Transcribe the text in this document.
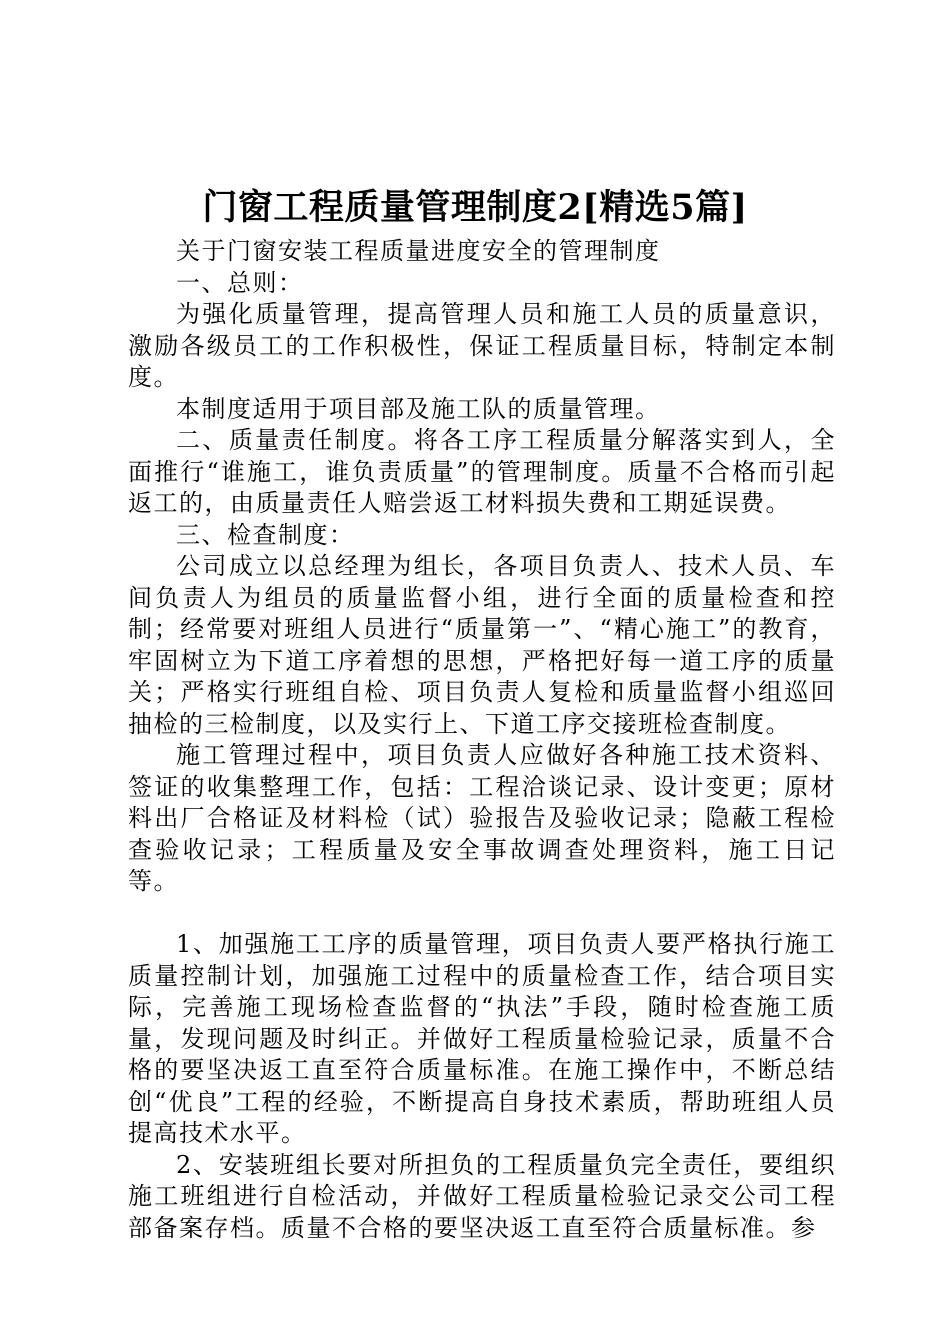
门窗工程质量管理制度2[精选5篇]

关于门窗安装工程质量进度安全的管理制度

一、总则：

为强化质量管理，提高管理人员和施工人员的质量意识，激励各级员工的工作积极性，保证工程质量目标，特制定本制度。

本制度适用于项目部及施工队的质量管理。

二、质量责任制度。将各工序工程质量分解落实到人，全面推行“谁施工，谁负责质量”的管理制度。质量不合格而引起返工的，由质量责任人赔尝返工材料损失费和工期延误费。

三、检查制度：

公司成立以总经理为组长，各项目负责人、技术人员、车间负责人为组员的质量监督小组，进行全面的质量检查和控制；经常要对班组人员进行“质量第一”、“精心施工”的教育，牢固树立为下道工序着想的思想，严格把好每一道工序的质量关；严格实行班组自检、项目负责人复检和质量监督小组巡回抽检的三检制度，以及实行上、下道工序交接班检查制度。

施工管理过程中，项目负责人应做好各种施工技术资料、签证的收集整理工作，包括：工程洽谈记录、设计变更；原材料出厂合格证及材料检（试）验报告及验收记录；隐蔽工程检查验收记录；工程质量及安全事故调查处理资料，施工日记等。

1、加强施工工序的质量管理，项目负责人要严格执行施工质量控制计划，加强施工过程中的质量检查工作，结合项目实际，完善施工现场检查监督的“执法”手段，随时检查施工质量，发现问题及时纠正。并做好工程质量检验记录，质量不合格的要坚决返工直至符合质量标准。在施工操作中，不断总结创“优良”工程的经验，不断提高自身技术素质，帮助班组人员提高技术水平。

2、安装班组长要对所担负的工程质量负完全责任，要组织施工班组进行自检活动，并做好工程质量检验记录交公司工程部备案存档。质量不合格的要坚决返工直至符合质量标准。参
